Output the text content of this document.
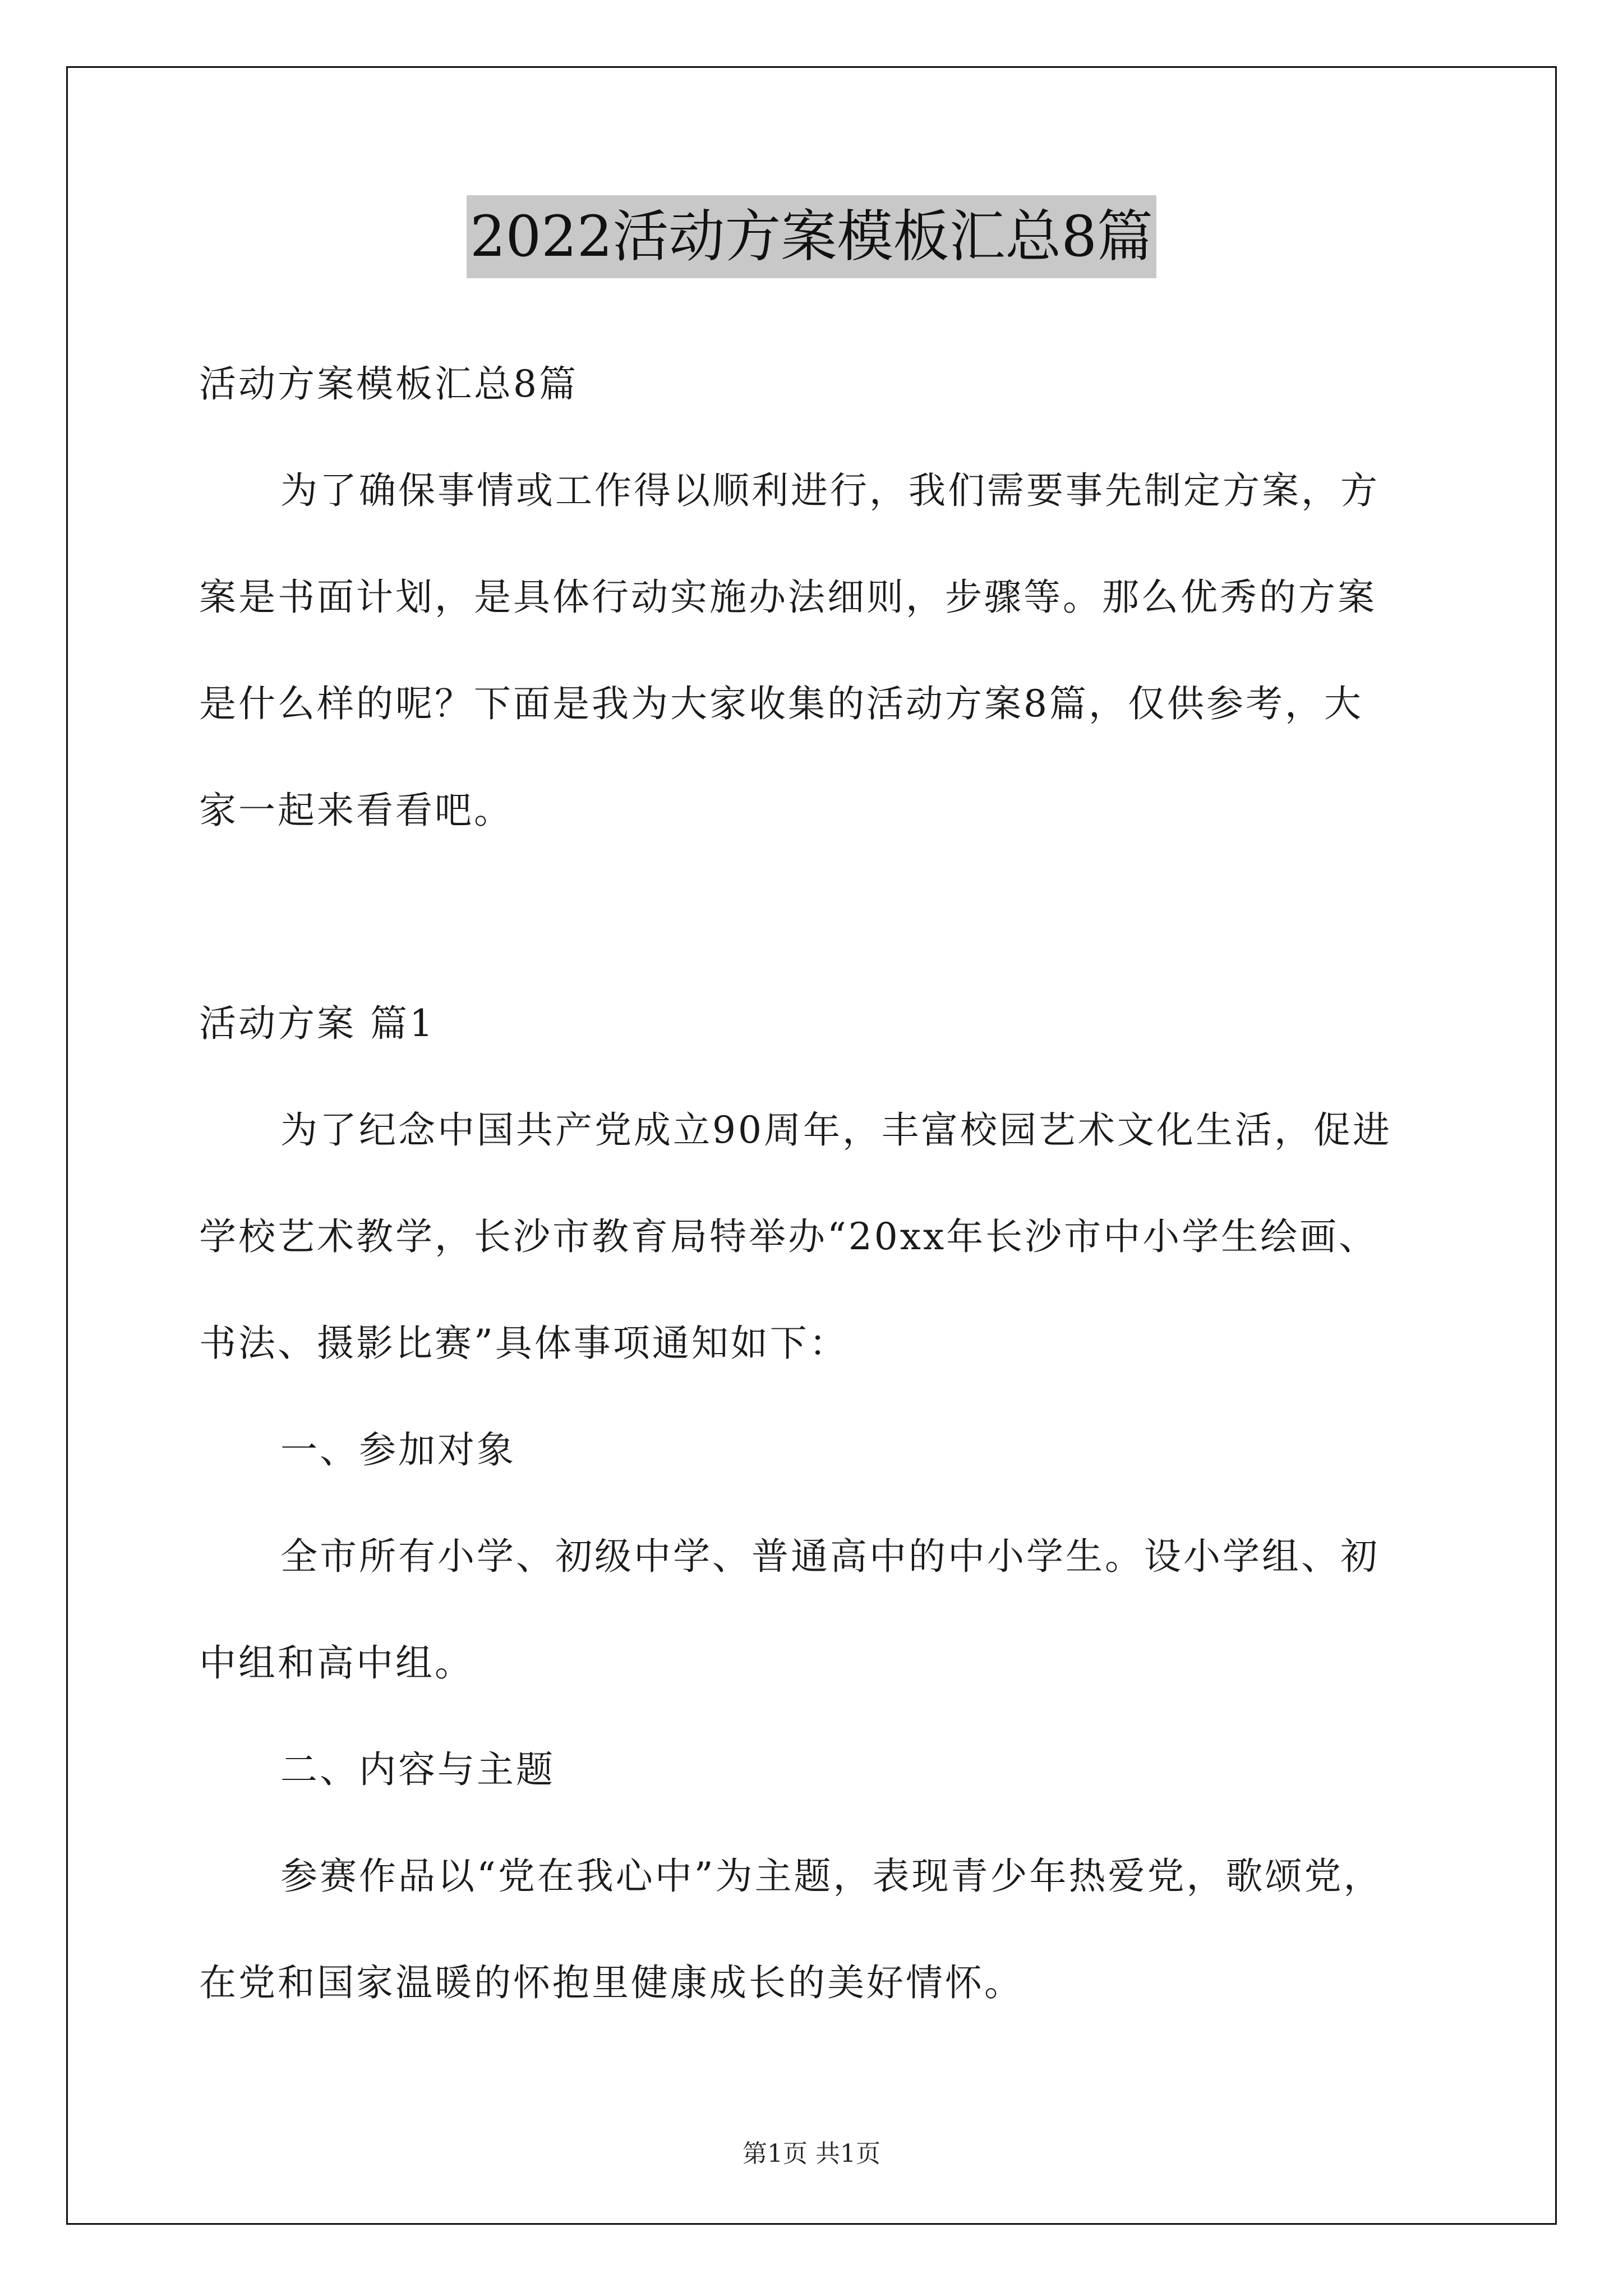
2022活动方案模板汇总8篇
活动方案模板汇总8篇
为了确保事情或工作得以顺利进行，我们需要事先制定方案，方
案是书面计划，是具体行动实施办法细则，步骤等。那么优秀的方案
是什么样的呢？下面是我为大家收集的活动方案8篇，仅供参考，大
家一起来看看吧。
活动方案 篇1
为了纪念中国共产党成立90周年，丰富校园艺术文化生活，促进
学校艺术教学，长沙市教育局特举办“20xx年长沙市中小学生绘画、
书法、摄影比赛”具体事项通知如下：
一、参加对象
全市所有小学、初级中学、普通高中的中小学生。设小学组、初
中组和高中组。
二、内容与主题
参赛作品以“党在我心中”为主题，表现青少年热爱党，歌颂党，
在党和国家温暖的怀抱里健康成长的美好情怀。
第1页 共1页
